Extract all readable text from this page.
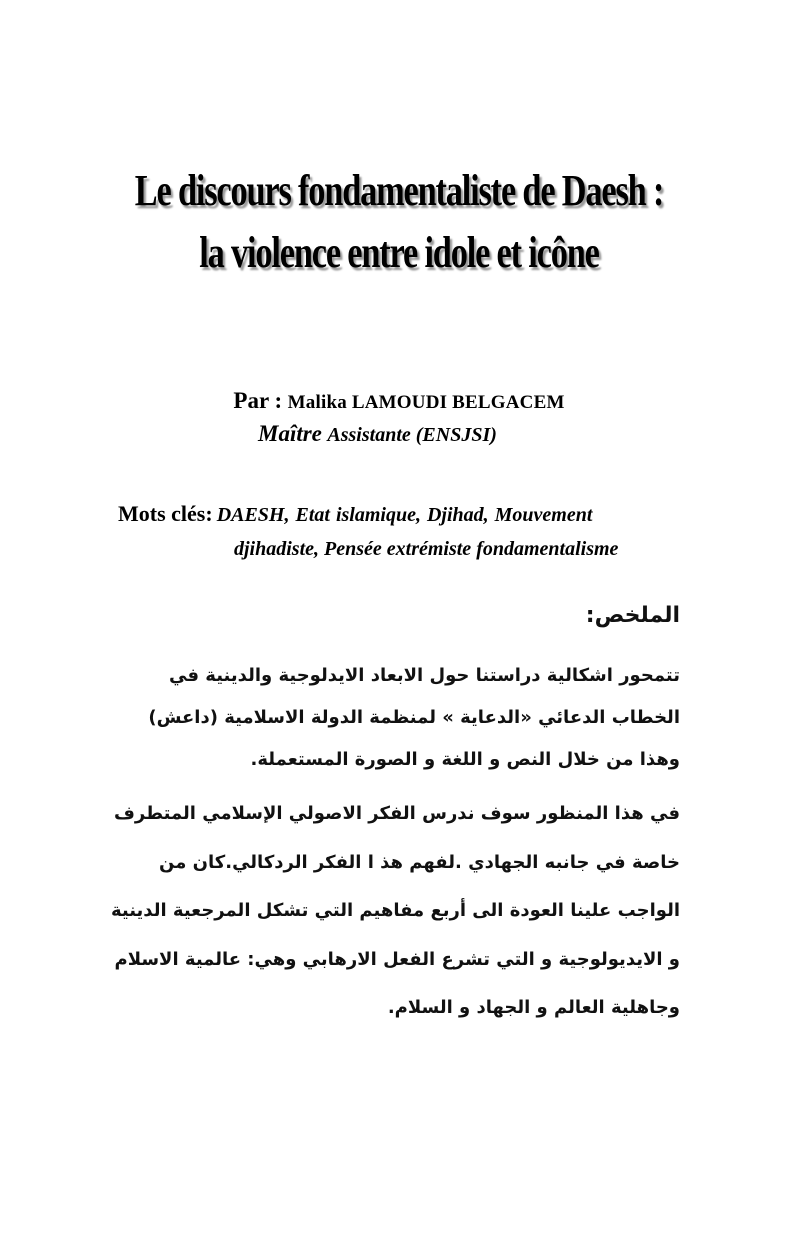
Le discours fondamentaliste de Daesh :
la violence entre idole et icône
Par : Malika LAMOUDI BELGACEM
Maître Assistante (ENSJSI)
Mots clés: DAESH, Etat islamique, Djihad, Mouvement
djihadiste, Pensée extrémiste fondamentalisme
الملخص:
تتمحور اشكالية دراستنا حول الابعاد الايدلوجية والدينية في
الخطاب الدعائي «الدعاية » لمنظمة الدولة الاسلامية (داعش)
وهذا من خلال النص و اللغة و الصورة المستعملة.
في هذا المنظور سوف ندرس الفكر الاصولي الإسلامي المتطرف
خاصة في جانبه الجهادي .لفهم هذ ا الفكر الردكالي.كان من
الواجب علينا العودة الى أربع مفاهيم التي تشكل المرجعية الدينية
و الايديولوجية و التي تشرع الفعل الارهابي وهي: عالمية الاسلام
وجاهلية العالم و الجهاد و السلام.
